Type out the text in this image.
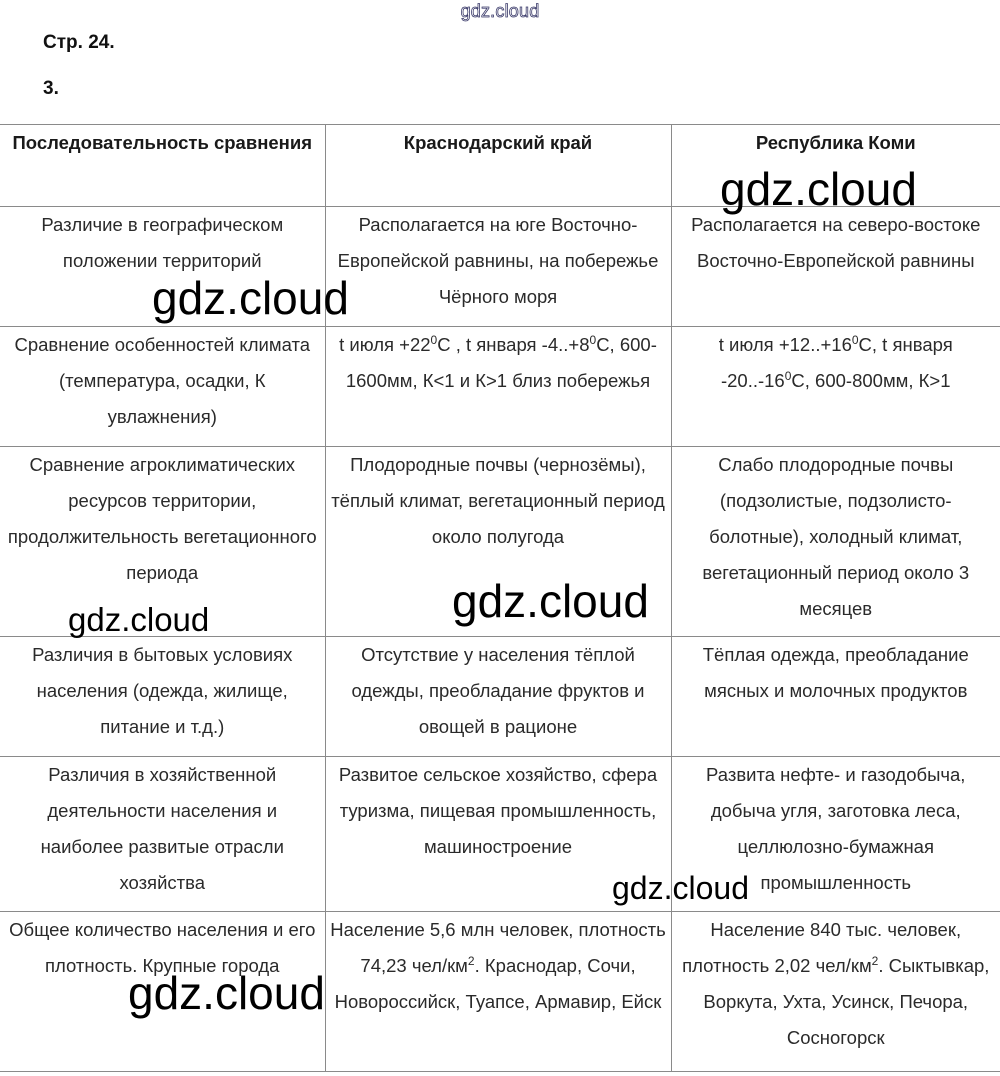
gdz.cloud
Стр. 24.
3.
Последовательность сравнения	Краснодарский край	Республика Коми
Различие в географическом положении территорий	Располагается на юге Восточно-Европейской равнины, на побережье Чёрного моря	Располагается на северо-востоке Восточно-Европейской равнины
Сравнение особенностей климата (температура, осадки, К увлажнения)	t июля $+22^0С$ , t января $-4..+8^0С$, 600-1600мм, К<1 и К>1 близ побережья	t июля $+12..+16^0С$, t января $-20..-16^0С$, 600-800мм, К>1
Сравнение агроклиматических ресурсов территории, продолжительность вегетационного периода	Плодородные почвы (чернозёмы), тёплый климат, вегетационный период около полугода	Слабо плодородные почвы (подзолистые, подзолисто-болотные), холодный климат, вегетационный период около 3 месяцев
Различия в бытовых условиях населения (одежда, жилище, питание и т.д.)	Отсутствие у населения тёплой одежды, преобладание фруктов и овощей в рационе	Тёплая одежда, преобладание мясных и молочных продуктов
Различия в хозяйственной деятельности населения и наиболее развитые отрасли хозяйства	Развитое сельское хозяйство, сфера туризма, пищевая промышленность, машиностроение	Развита нефте- и газодобыча, добыча угля, заготовка леса, целлюлозно-бумажная промышленность
Общее количество населения и его плотность. Крупные города	Население 5,6 млн человек, плотность 74,23 чел/$км^2$. Краснодар, Сочи, Новороссийск, Туапсе, Армавир, Ейск	Население 840 тыс. человек, плотность 2,02 чел/$км^2$. Сыктывкар, Воркута, Ухта, Усинск, Печора, Сосногорск
gdz.cloud
gdz.cloud
gdz.cloud
gdz.cloud
gdz.cloud
gdz.cloud
